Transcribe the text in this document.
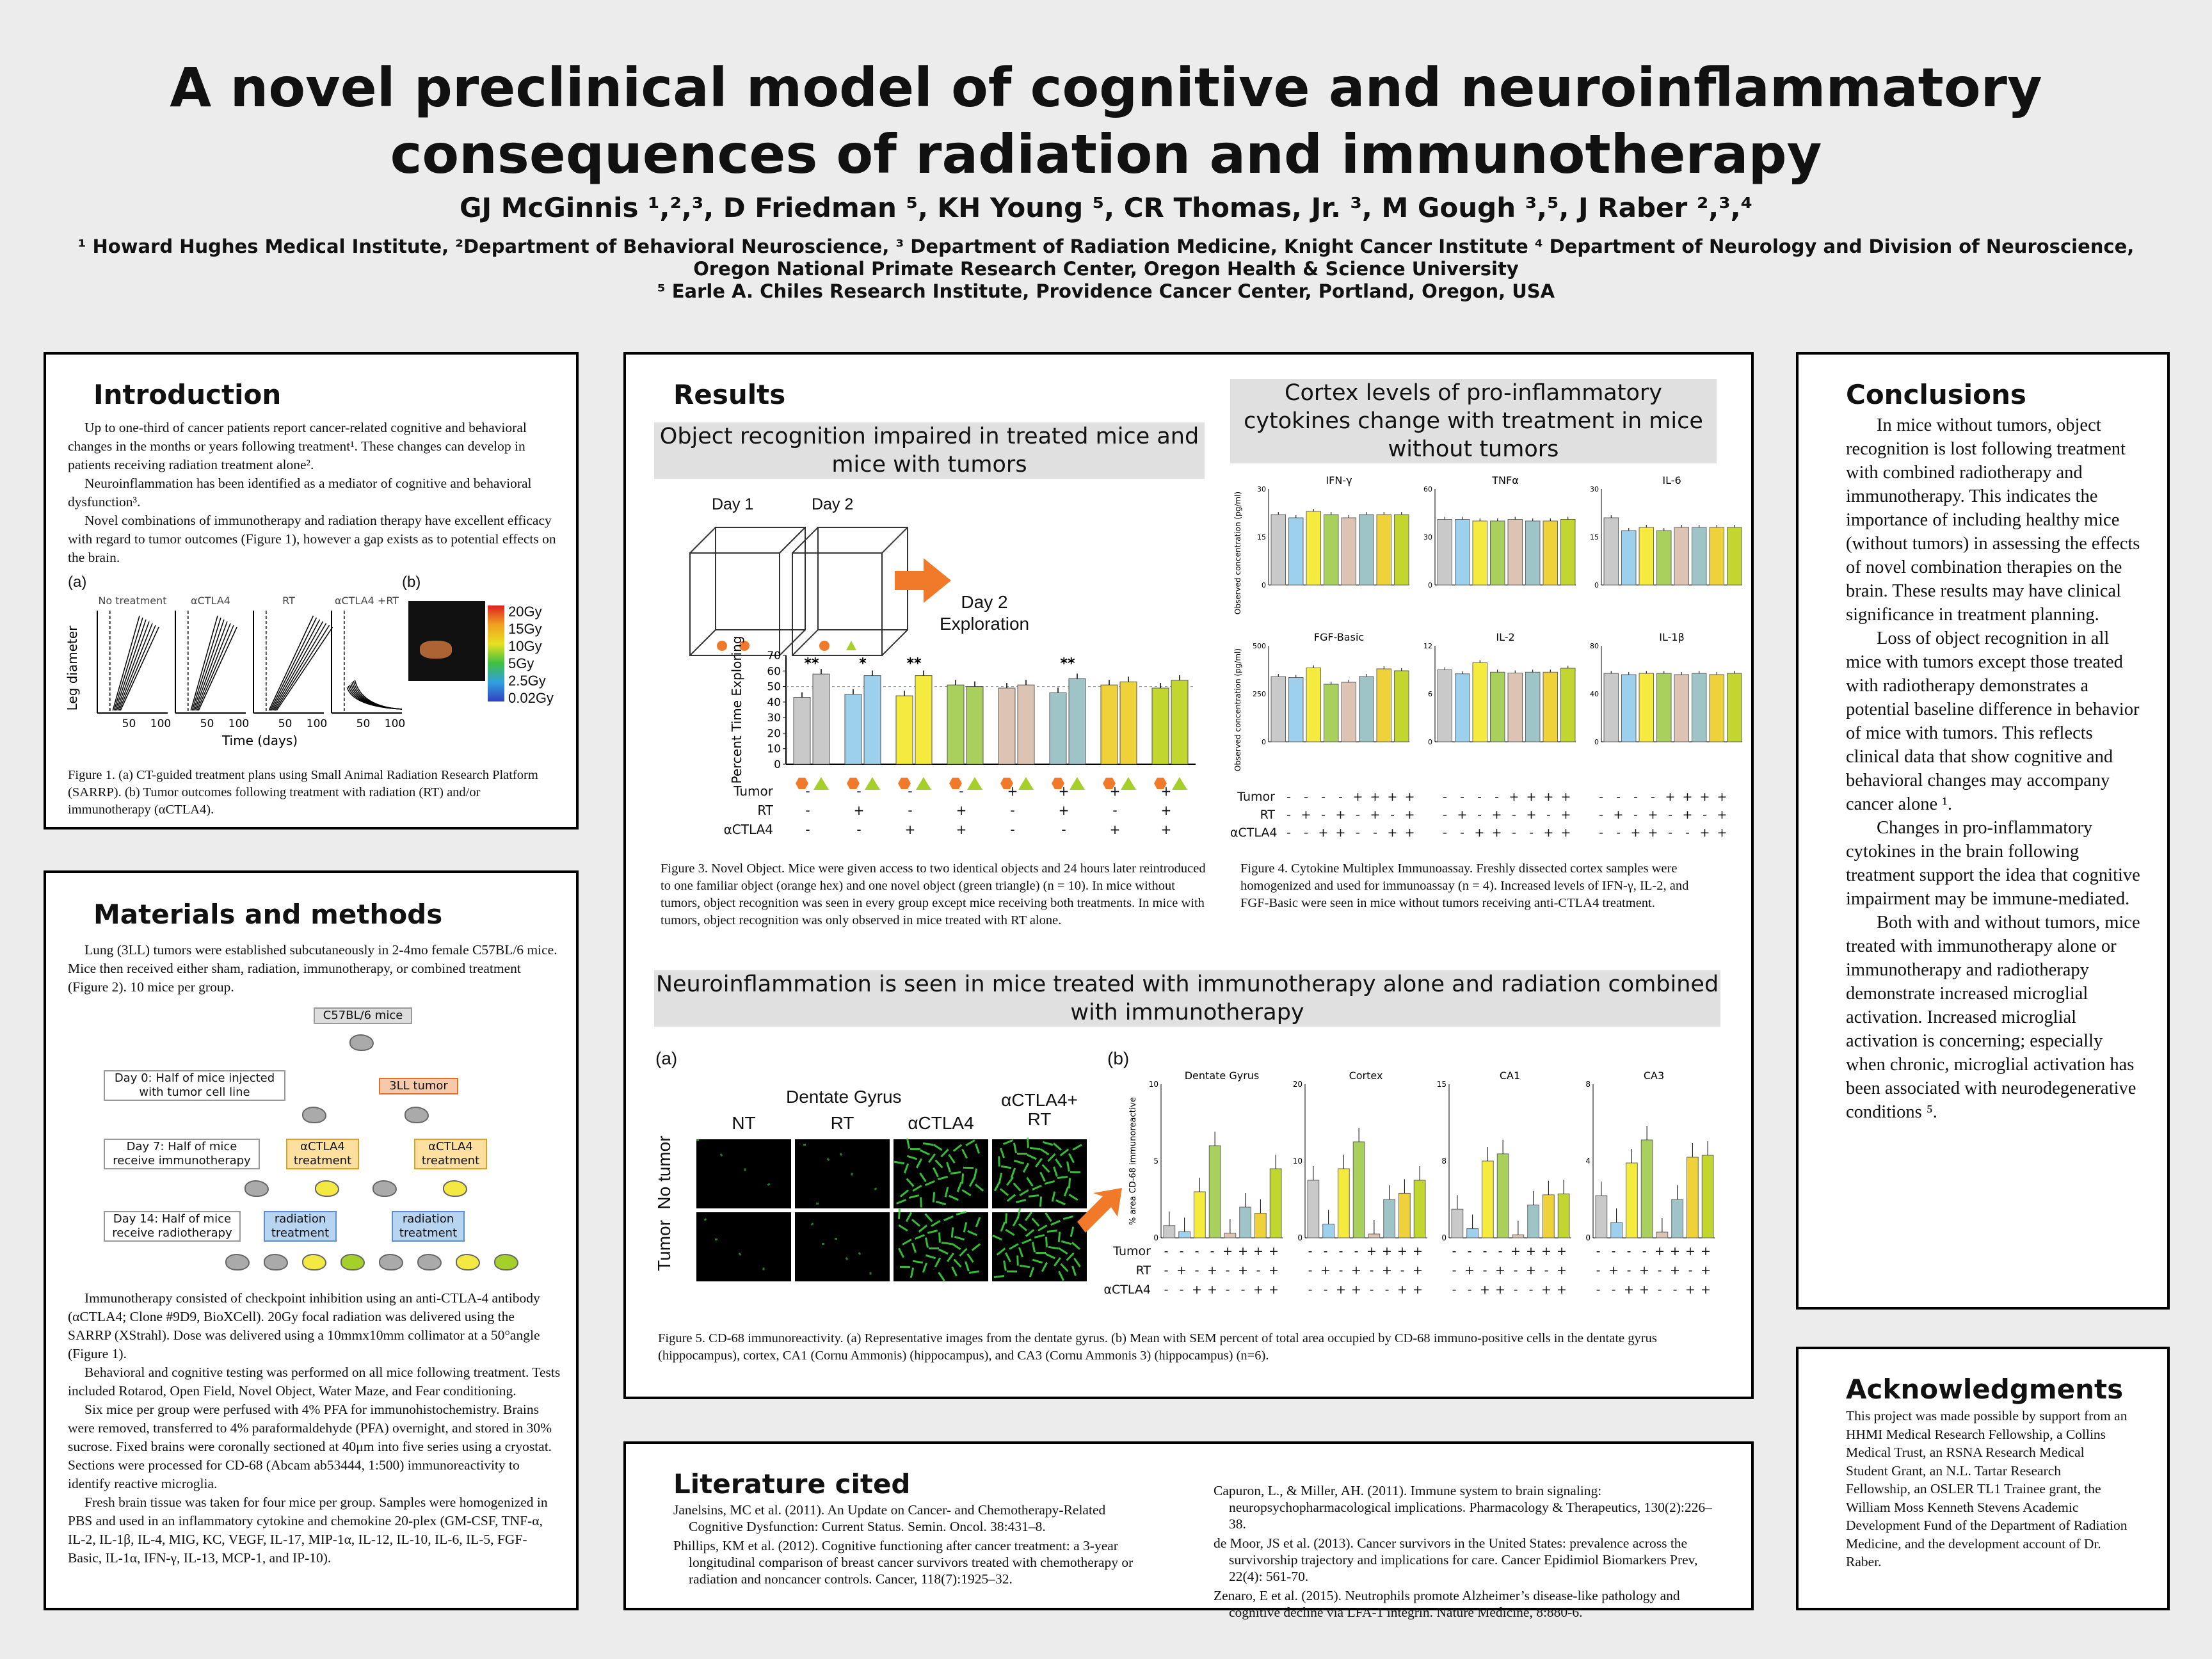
A novel preclinical model of cognitive and neuroinflammatory
consequences of radiation and immunotherapy
GJ McGinnis ¹,²,³, D Friedman ⁵, KH Young ⁵, CR Thomas, Jr. ³, M Gough ³,⁵, J Raber ²,³,⁴
¹ Howard Hughes Medical Institute, ²Department of Behavioral Neuroscience, ³ Department of Radiation Medicine, Knight Cancer Institute ⁴ Department of Neurology and Division of Neuroscience,
Oregon National Primate Research Center, Oregon Health & Science University
⁵ Earle A. Chiles Research Institute, Providence Cancer Center, Portland, Oregon, USA
Introduction

Up to one-third of cancer patients report cancer-related cognitive and behavioral changes in the months or years following treatment¹. These changes can develop in patients receiving radiation treatment alone².

Neuroinflammation has been identified as a mediator of cognitive and behavioral dysfunction³.

Novel combinations of immunotherapy and radiation therapy have excellent efficacy with regard to tumor outcomes (Figure 1), however a gap exists as to potential effects on the brain.

(a)	(b)
Leg diameter
No treatment
50 100
αCTLA4
50 100
RT
50 100
αCTLA4 +RT
50 100
Time (days)
20Gy
15Gy
10Gy
5Gy
2.5Gy
0.02Gy

Figure 1. (a) CT-guided treatment plans using Small Animal Radiation Research Platform (SARRP). (b) Tumor outcomes following treatment with radiation (RT) and/or immunotherapy (αCTLA4).

Materials and methods

Lung (3LL) tumors were established subcutaneously in 2-4mo female C57BL/6 mice. Mice then received either sham, radiation, immunotherapy, or combined treatment (Figure 2). 10 mice per group.

C57BL/6 mice
Day 0: Half of mice injected with tumor cell line	3LL tumor
Day 7: Half of mice receive immunotherapy
αCTLA4 treatment
αCTLA4 treatment
Day 14: Half of mice receive radiotherapy
radiation treatment
radiation treatment

Immunotherapy consisted of checkpoint inhibition using an anti-CTLA-4 antibody (αCTLA4; Clone #9D9, BioXCell). 20Gy focal radiation was delivered using the SARRP (XStrahl). Dose was delivered using a 10mmx10mm collimator at a 50°angle (Figure 1).

Behavioral and cognitive testing was performed on all mice following treatment. Tests included Rotarod, Open Field, Novel Object, Water Maze, and Fear conditioning.

Six mice per group were perfused with 4% PFA for immunohistochemistry. Brains were removed, transferred to 4% paraformaldehyde (PFA) overnight, and stored in 30% sucrose. Fixed brains were coronally sectioned at 40μm into five series using a cryostat. Sections were processed for CD-68 (Abcam ab53444, 1:500) immunoreactivity to identify reactive microglia.

Fresh brain tissue was taken for four mice per group. Samples were homogenized in PBS and used in an inflammatory cytokine and chemokine 20-plex (GM-CSF, TNF-α, IL-2, IL-1β, IL-4, MIG, KC, VEGF, IL-17, MIP-1α, IL-12, IL-10, IL-6, IL-5, FGF-Basic, IL-1α, IFN-γ, IL-13, MCP-1, and IP-10).

Results
Object recognition impaired in treated mice and mice with tumors
Day 1	Day 2
Day 2 Exploration
Percent Time Exploring	0
10
20
30
40
50
60
70 **	*	**	**
Tumor	-	-	-	-	+	+	+	+
RT	-	+	-	+	-	+	-	+
αCTLA4	-	-	+	+	-	-	+	+

Figure 3. Novel Object. Mice were given access to two identical objects and 24 hours later reintroduced to one familiar object (orange hex) and one novel object (green triangle) (n = 10). In mice without tumors, object recognition was seen in every group except mice receiving both treatments. In mice with tumors, object recognition was only observed in mice treated with RT alone.

Cortex levels of pro-inflammatory cytokines change with treatment in mice without tumors
IFN-γ
0
15
30
TNFα
0
30
60
IL-6
0
15
30
FGF-Basic
0
250
500
IL-2
0
6
12
IL-1β
0
40
80
Observed concentration (pg/ml)
Observed concentration (pg/ml)
Tumor -	-	-	- + + + +	-	-	-	- + + + +	-	-	-	- + + + +
RT - + - + - + - +	- + - + - + - +	- + - + - + - +
αCTLA4 -	- + + -	- + +	-	- + + -	- + +	-	- + + -	- + +

Figure 4. Cytokine Multiplex Immunoassay. Freshly dissected cortex samples were homogenized and used for immunoassay (n = 4). Increased levels of IFN-γ, IL-2, and FGF-Basic were seen in mice without tumors receiving anti-CTLA4 treatment.

Neuroinflammation is seen in mice treated with immunotherapy alone and radiation combined with immunotherapy
(a)	(b)
Dentate Gyrus
NT	RT	αCTLA4
αCTLA4+ RT
No tumor
Tumor
Dentate Gyrus
0
5
10
Cortex
0
10
20
CA1
0
8
15
CA3
0
4
8
% area CD-68 immunoreactive
Tumor	- - - - + + + +	- - - - + + + +	- - - - + + + +	- - - - + + + +
RT	- + - + - + - +	- + - + - + - +	- + - + - + - +	- + - + - + - +
αCTLA4	- - + + - - + +	- - + + - - + +	- - + + - - + +	- - + + - - + +

Figure 5. CD-68 immunoreactivity. (a) Representative images from the dentate gyrus. (b) Mean with SEM percent of total area occupied by CD-68 immuno-positive cells in the dentate gyrus (hippocampus), cortex, CA1 (Cornu Ammonis) (hippocampus), and CA3 (Cornu Ammonis 3) (hippocampus) (n=6).

Literature cited

Janelsins, MC et al. (2011). An Update on Cancer- and Chemotherapy-Related Cognitive Dysfunction: Current Status. Semin. Oncol. 38:431–8.

Phillips, KM et al. (2012). Cognitive functioning after cancer treatment: a 3-year longitudinal comparison of breast cancer survivors treated with chemotherapy or radiation and noncancer controls. Cancer, 118(7):1925–32.

Capuron, L., & Miller, AH. (2011). Immune system to brain signaling: neuropsychopharmacological implications. Pharmacology & Therapeutics, 130(2):226–38.

de Moor, JS et al. (2013). Cancer survivors in the United States: prevalence across the survivorship trajectory and implications for care. Cancer Epidimiol Biomarkers Prev, 22(4): 561-70.

Zenaro, E et al. (2015). Neutrophils promote Alzheimer’s disease-like pathology and cognitive decline via LFA-1 integrin. Nature Medicine, 8:880-6.

Conclusions

In mice without tumors, object recognition is lost following treatment with combined radiotherapy and immunotherapy. This indicates the importance of including healthy mice (without tumors) in assessing the effects of novel combination therapies on the brain. These results may have clinical significance in treatment planning.

Loss of object recognition in all mice with tumors except those treated with radiotherapy demonstrates a potential baseline difference in behavior of mice with tumors. This reflects clinical data that show cognitive and behavioral changes may accompany cancer alone ¹.

Changes in pro-inflammatory cytokines in the brain following treatment support the idea that cognitive impairment may be immune-mediated.

Both with and without tumors, mice treated with immunotherapy alone or immunotherapy and radiotherapy demonstrate increased microglial activation. Increased microglial activation is concerning; especially when chronic, microglial activation has been associated with neurodegenerative conditions ⁵.

Acknowledgments
This project was made possible by support from an HHMI Medical Research Fellowship, a Collins Medical Trust, an RSNA Research Medical Student Grant, an N.L. Tartar Research Fellowship, an OSLER TL1 Trainee grant, the William Moss Kenneth Stevens Academic Development Fund of the Department of Radiation Medicine, and the development account of Dr. Raber.
